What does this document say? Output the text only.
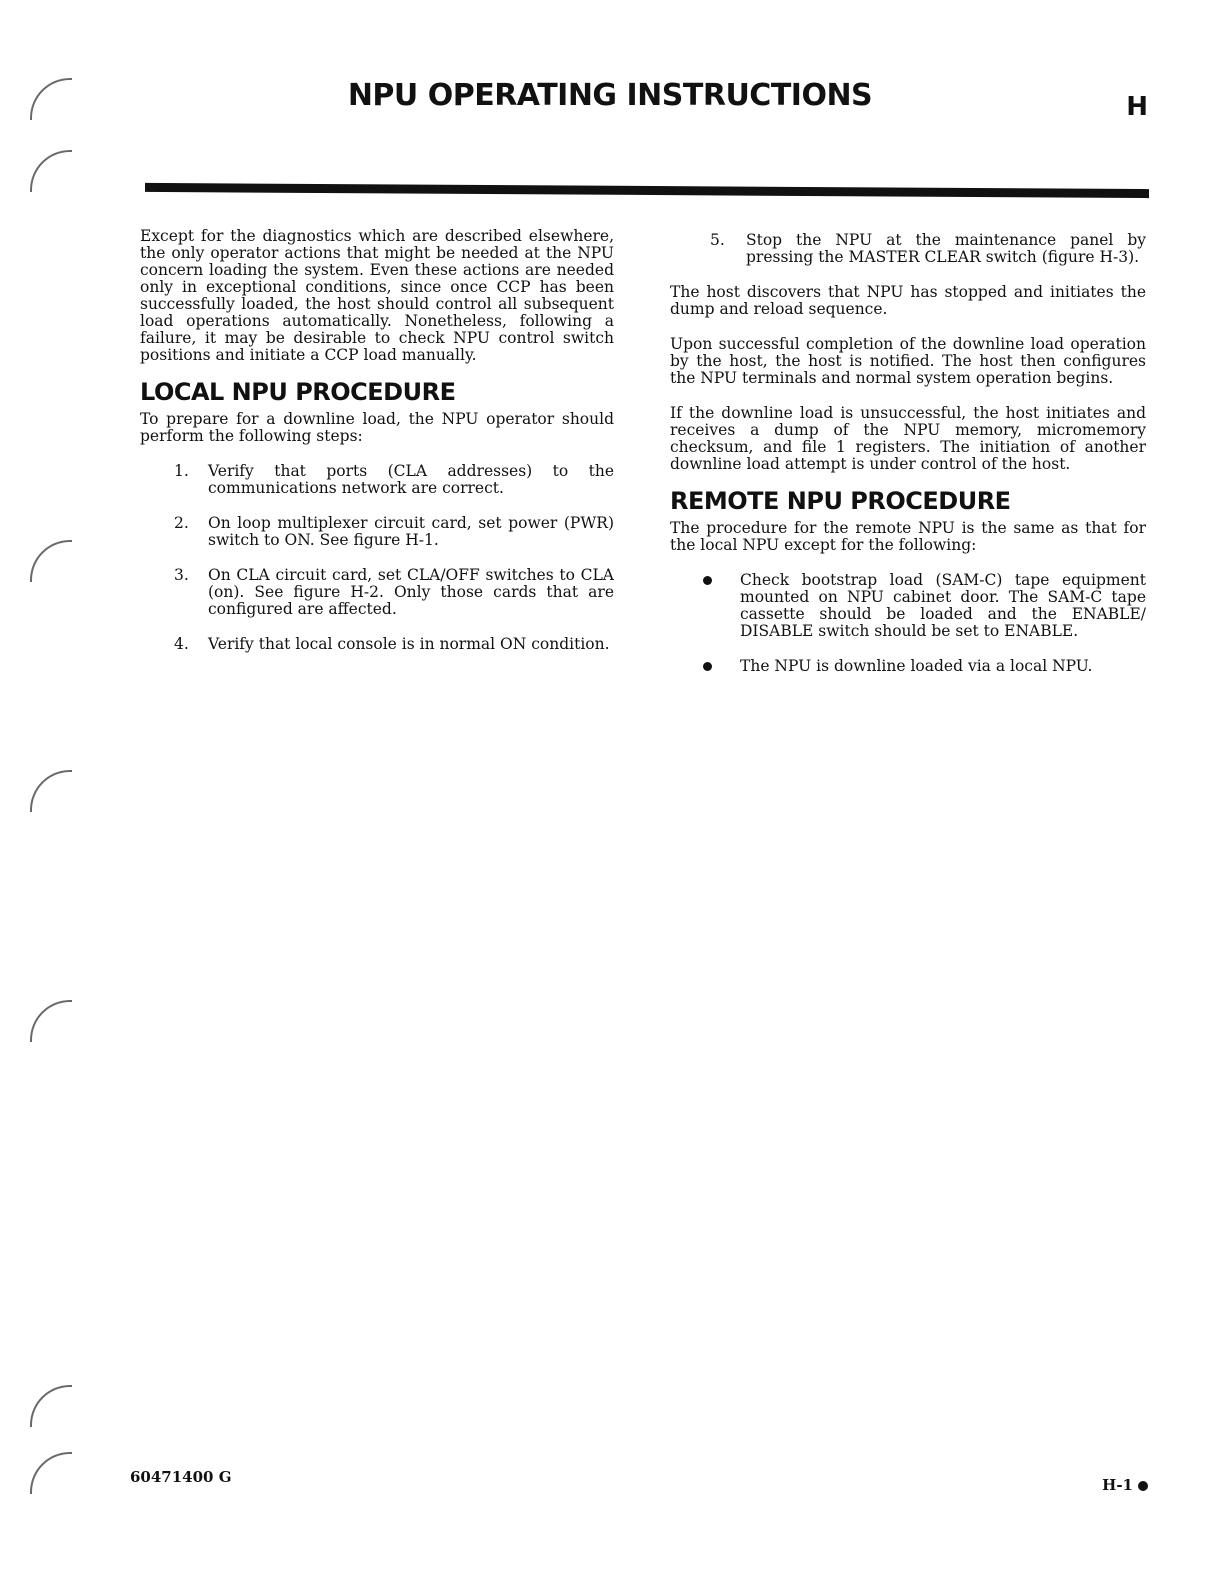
NPU OPERATING INSTRUCTIONS	H

Except for the diagnostics which are described elsewhere, the only operator actions that might be needed at the NPU concern loading the system. Even these actions are needed only in exceptional conditions, since once CCP has been successfully loaded, the host should control all subsequent load operations automatically. Nonetheless, following a failure, it may be desirable to check NPU control switch positions and initiate a CCP load manually.

LOCAL NPU PROCEDURE

To prepare for a downline load, the NPU operator should perform the following steps:

1. Verify that ports (CLA addresses) to the communications network are correct.
2. On loop multiplexer circuit card, set power (PWR) switch to ON. See figure H-1.
3. On CLA circuit card, set CLA/OFF switches to CLA (on). See figure H-2. Only those cards that are configured are affected.
4. Verify that local console is in normal ON condition.
5. Stop the NPU at the maintenance panel by pressing the MASTER CLEAR switch (figure H-3).

The host discovers that NPU has stopped and initiates the dump and reload sequence.

Upon successful completion of the downline load operation by the host, the host is notified. The host then configures the NPU terminals and normal system operation begins.

If the downline load is unsuccessful, the host initiates and receives a dump of the NPU memory, micromemory checksum, and file 1 registers. The initiation of another downline load attempt is under control of the host.

REMOTE NPU PROCEDURE

The procedure for the remote NPU is the same as that for the local NPU except for the following:

Check bootstrap load (SAM-C) tape equipment mounted on NPU cabinet door. The SAM-C tape cassette should be loaded and the ENABLE/ DISABLE switch should be set to ENABLE.
The NPU is downline loaded via a local NPU.
60471400 G	H-1
